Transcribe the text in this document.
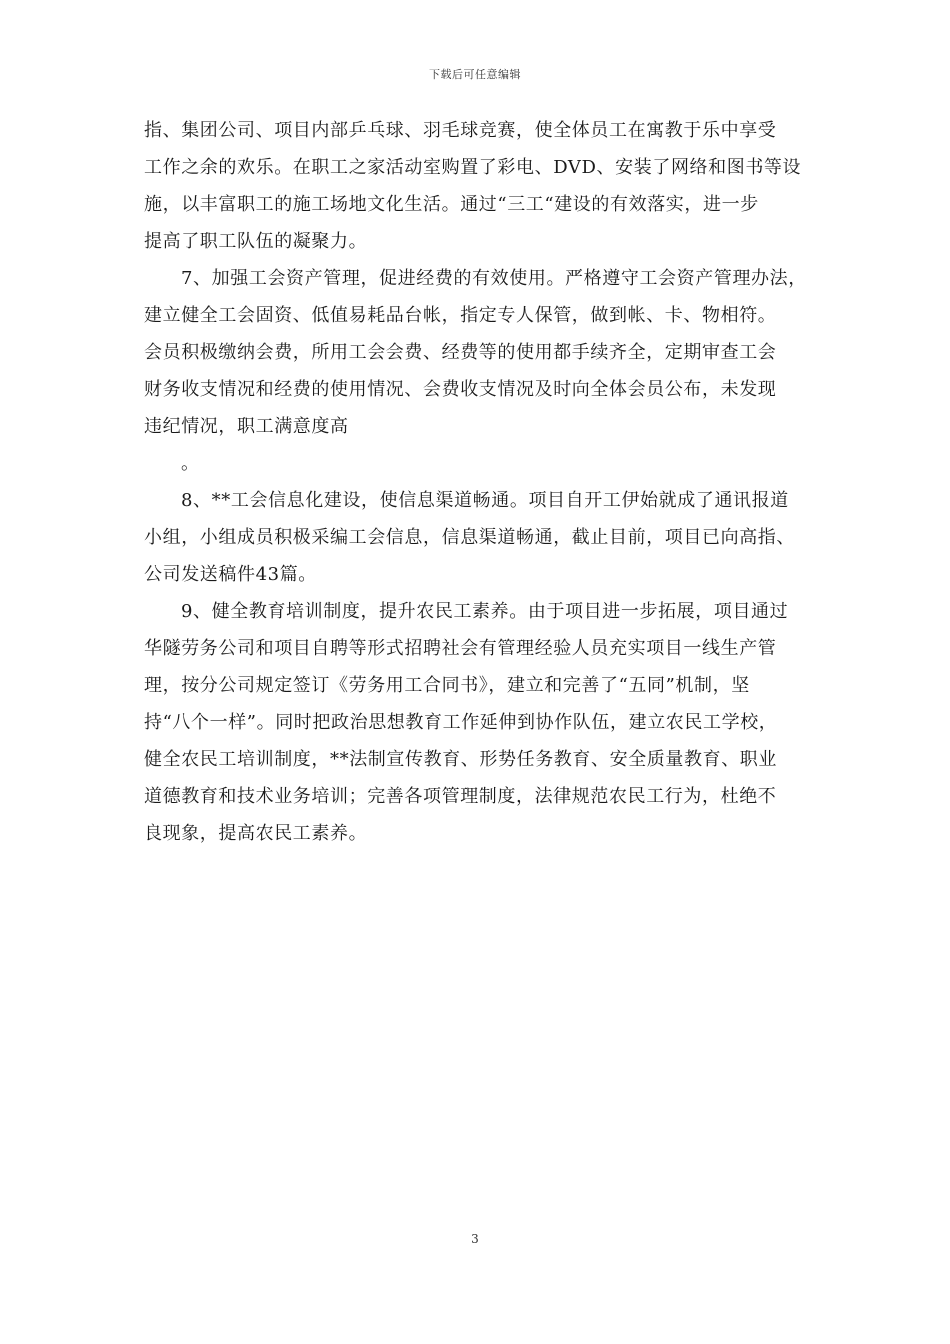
下载后可任意编辑
指、集团公司、项目内部乒乓球、羽毛球竞赛，使全体员工在寓教于乐中享受
工作之余的欢乐。在职工之家活动室购置了彩电、DVD、安装了网络和图书等设
施，以丰富职工的施工场地文化生活。通过“三工“建设的有效落实，进一步
提高了职工队伍的凝聚力。
7、加强工会资产管理，促进经费的有效使用。严格遵守工会资产管理办法，
建立健全工会固资、低值易耗品台帐，指定专人保管，做到帐、卡、物相符。
会员积极缴纳会费，所用工会会费、经费等的使用都手续齐全，定期审查工会
财务收支情况和经费的使用情况、会费收支情况及时向全体会员公布，未发现
违纪情况，职工满意度高
。
8、**工会信息化建设，使信息渠道畅通。项目自开工伊始就成了通讯报道
小组，小组成员积极采编工会信息，信息渠道畅通，截止目前，项目已向高指、
公司发送稿件43篇。
9、健全教育培训制度，提升农民工素养。由于项目进一步拓展，项目通过
华隧劳务公司和项目自聘等形式招聘社会有管理经验人员充实项目一线生产管
理，按分公司规定签订《劳务用工合同书》，建立和完善了“五同”机制，坚
持“八个一样”。同时把政治思想教育工作延伸到协作队伍，建立农民工学校，
健全农民工培训制度，**法制宣传教育、形势任务教育、安全质量教育、职业
道德教育和技术业务培训；完善各项管理制度，法律规范农民工行为，杜绝不
良现象，提高农民工素养。
3
